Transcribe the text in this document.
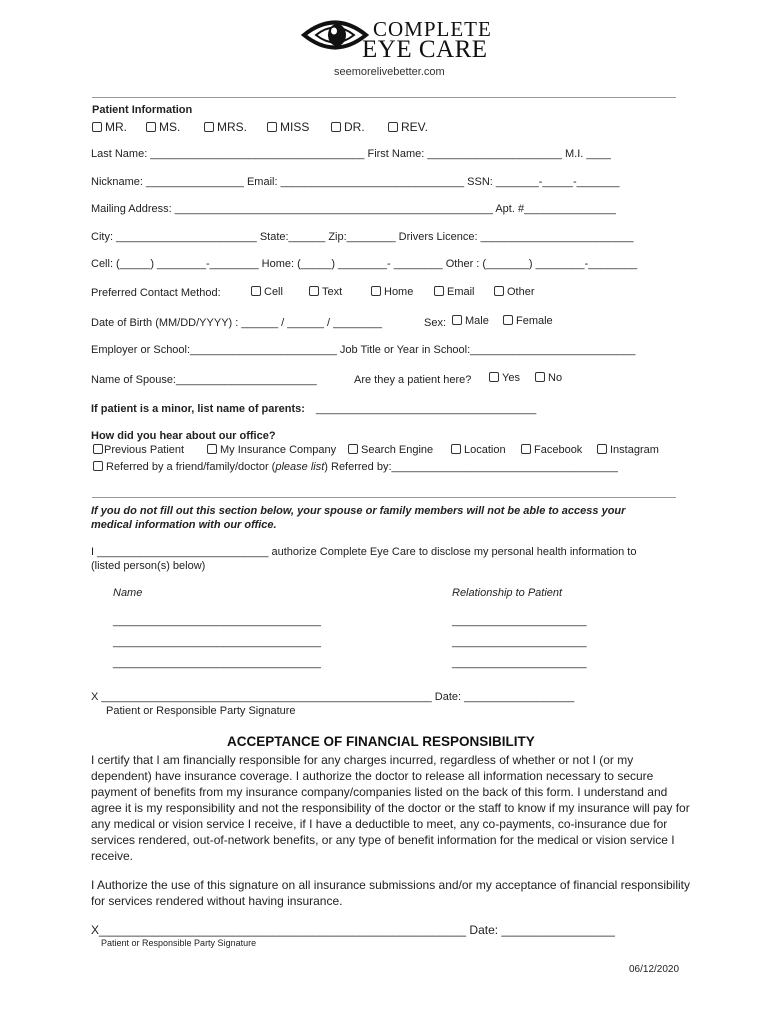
COMPLETE
EYE CARE
seemorelivebetter.com
Patient Information
MR.	MS.	MRS.	MISS	DR.	REV.
Last Name: ___________________________________ First Name: ______________________ M.I. ____
Nickname: ________________ Email: ______________________________ SSN: _______-_____-_______
Mailing Address: ____________________________________________________ Apt. #_______________
City: _______________________ State:______ Zip:________ Drivers Licence: _________________________
Cell: (_____) ________-________ Home: (_____) ________- ________ Other : (_______) ________-________
Preferred Contact Method:	Cell	Text	Home	Email	Other
Date of Birth (MM/DD/YYYY) : ______ / ______ / ________	Sex:	Male	Female
Employer or School:________________________ Job Title or Year in School:___________________________
Name of Spouse:_______________________	Are they a patient here?	Yes	No
If patient is a minor, list name of parents: ____________________________________
How did you hear about our office?
Previous Patient	My Insurance Company	Search Engine	Location	Facebook	Instagram
Referred by a friend/family/doctor (please list) Referred by:_____________________________________
If you do not fill out this section below, your spouse or family members will not be able to access your
medical information with our office.
I ____________________________ authorize Complete Eye Care to disclose my personal health information to
(listed person(s) below)
Name	Relationship to Patient
__________________________________	______________________
__________________________________	______________________
__________________________________	______________________
X ______________________________________________________ Date: __________________
Patient or Responsible Party Signature
ACCEPTANCE OF FINANCIAL RESPONSIBILITY
I certify that I am financially responsible for any charges incurred, regardless of whether or not I (or my dependent) have insurance coverage. I authorize the doctor to release all information necessary to secure payment of benefits from my insurance company/companies listed on the back of this form. I understand and agree it is my responsibility and not the responsibility of the doctor or the staff to know if my insurance will pay for any medical or vision service I receive, if I have a deductible to meet, any co-payments, co-insurance due for services rendered, out-of-network benefits, or any type of benefit information for the medical or vision service I receive.
I Authorize the use of this signature on all insurance submissions and/or my acceptance of financial responsibility for services rendered without having insurance.
X_______________________________________________________ Date: _________________
Patient or Responsible Party Signature
06/12/2020
